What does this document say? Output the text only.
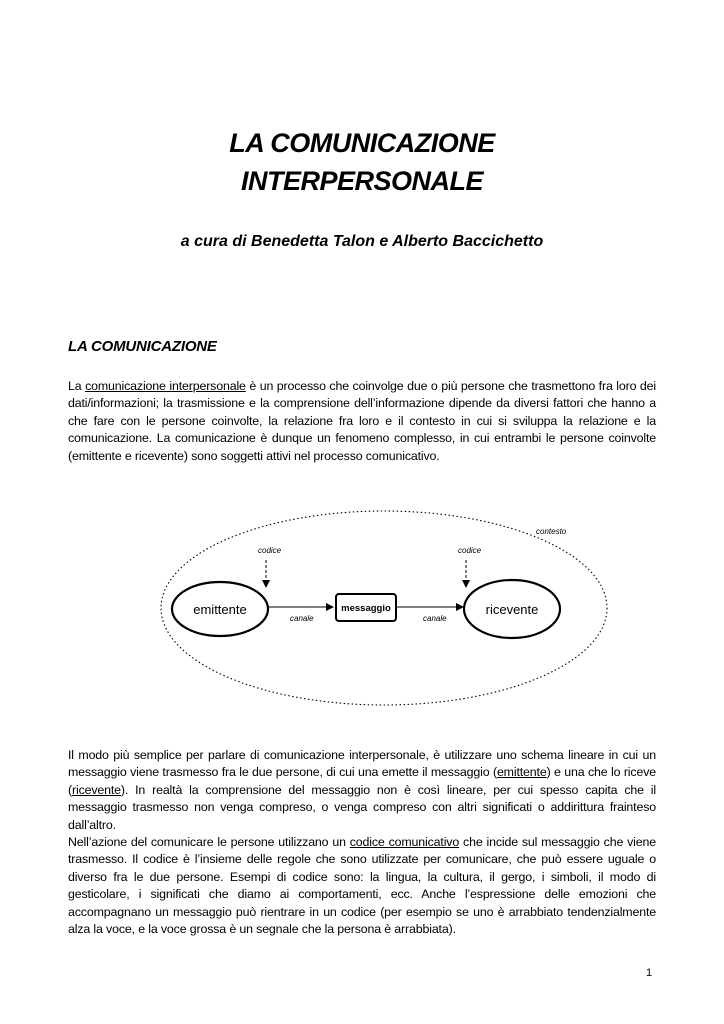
LA COMUNICAZIONE
INTERPERSONALE
a cura di Benedetta Talon e Alberto Baccichetto
LA COMUNICAZIONE
La comunicazione interpersonale è un processo che coinvolge due o più persone che trasmettono fra loro dei dati/informazioni; la trasmissione e la comprensione dell’informazione dipende da diversi fattori che hanno a che fare con le persone coinvolte, la relazione fra loro e il contesto in cui si sviluppa la relazione e la comunicazione. La comunicazione è dunque un fenomeno complesso, in cui entrambi le persone coinvolte (emittente e ricevente) sono soggetti attivi nel processo comunicativo.
contesto
codice	codice
emittente
canale
messaggio
canale
ricevente
Il modo più semplice per parlare di comunicazione interpersonale, è utilizzare uno schema lineare in cui un messaggio viene trasmesso fra le due persone, di cui una emette il messaggio (emittente) e una che lo riceve (ricevente). In realtà la comprensione del messaggio non è così lineare, per cui spesso capita che il messaggio trasmesso non venga compreso, o venga compreso con altri significati o addirittura frainteso dall’altro.
Nell’azione del comunicare le persone utilizzano un codice comunicativo che incide sul messaggio che viene trasmesso. Il codice è l’insieme delle regole che sono utilizzate per comunicare, che può essere uguale o diverso fra le due persone. Esempi di codice sono: la lingua, la cultura, il gergo, i simboli, il modo di gesticolare, i significati che diamo ai comportamenti, ecc. Anche l’espressione delle emozioni che accompagnano un messaggio può rientrare in un codice (per esempio se uno è arrabbiato tendenzialmente alza la voce, e la voce grossa è un segnale che la persona è arrabbiata).
1
